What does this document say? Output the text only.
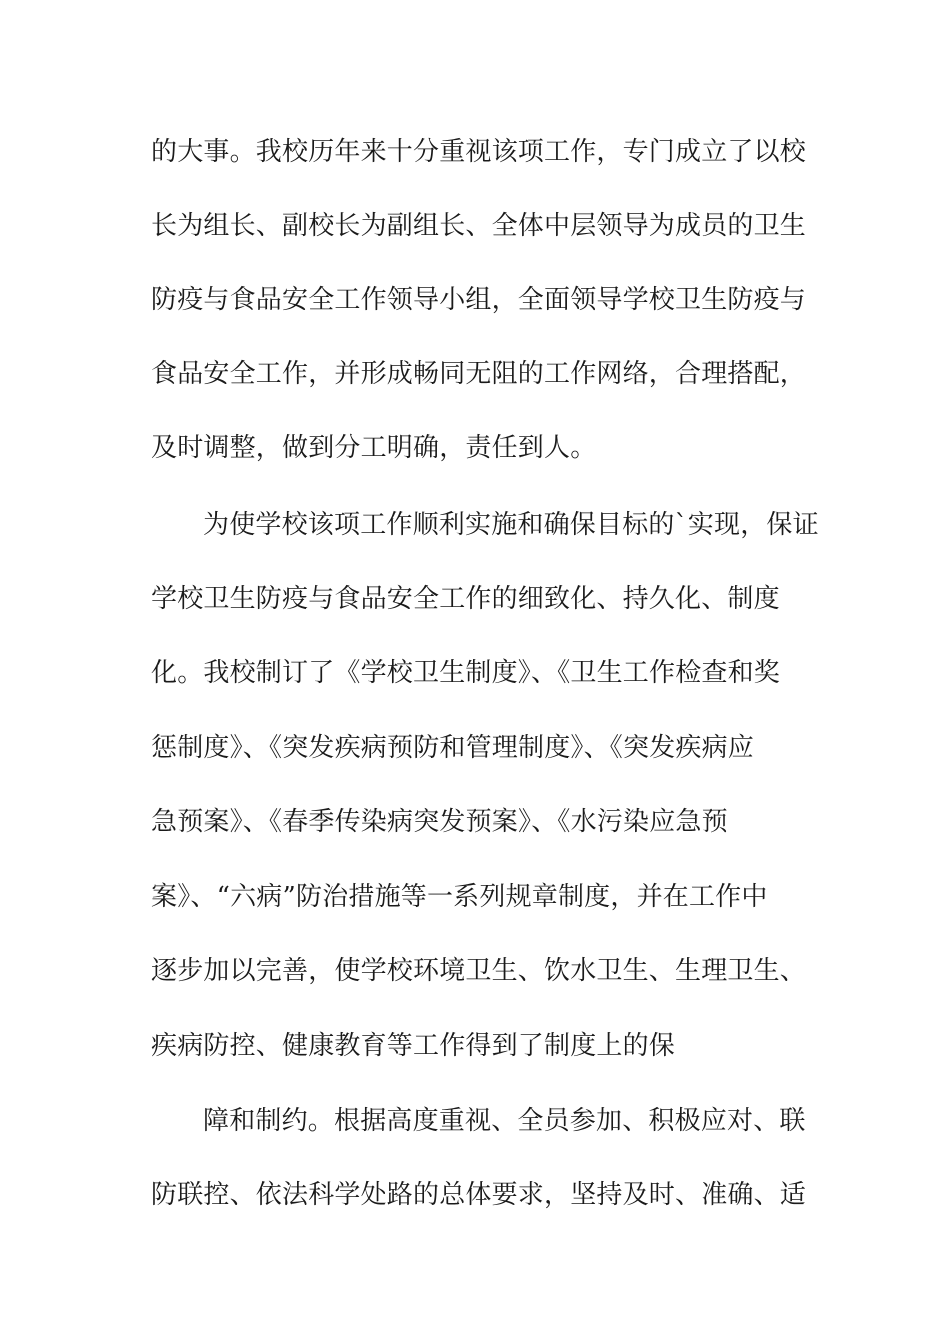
的大事。我校历年来十分重视该项工作，专门成立了以校
长为组长、副校长为副组长、全体中层领导为成员的卫生
防疫与食品安全工作领导小组，全面领导学校卫生防疫与
食品安全工作，并形成畅同无阻的工作网络，合理搭配，
及时调整，做到分工明确，责任到人。
为使学校该项工作顺利实施和确保目标的`实现，保证
学校卫生防疫与食品安全工作的细致化、持久化、制度
化。我校制订了《学校卫生制度》、《卫生工作检查和奖
惩制度》、《突发疾病预防和管理制度》、《突发疾病应
急预案》、《春季传染病突发预案》、《水污染应急预
案》、“六病”防治措施等一系列规章制度，并在工作中
逐步加以完善，使学校环境卫生、饮水卫生、生理卫生、
疾病防控、健康教育等工作得到了制度上的保
障和制约。根据高度重视、全员参加、积极应对、联
防联控、依法科学处路的总体要求，坚持及时、准确、适
